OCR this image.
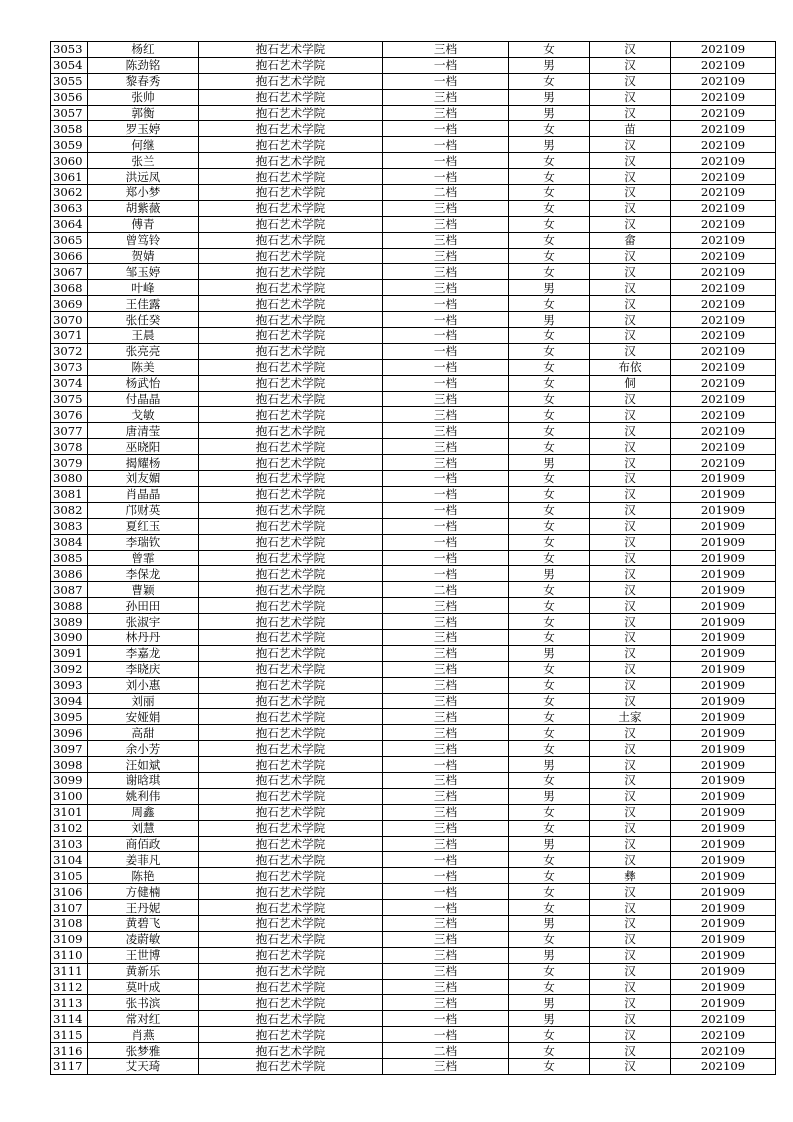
3053	杨红	抱石艺术学院	三档	女	汉	202109
3054	陈劲铭	抱石艺术学院	一档	男	汉	202109
3055	黎春秀	抱石艺术学院	一档	女	汉	202109
3056	张帅	抱石艺术学院	三档	男	汉	202109
3057	郭衡	抱石艺术学院	三档	男	汉	202109
3058	罗玉婷	抱石艺术学院	一档	女	苗	202109
3059	何继	抱石艺术学院	一档	男	汉	202109
3060	张兰	抱石艺术学院	一档	女	汉	202109
3061	洪远凤	抱石艺术学院	一档	女	汉	202109
3062	郑小梦	抱石艺术学院	二档	女	汉	202109
3063	胡紫薇	抱石艺术学院	三档	女	汉	202109
3064	傅青	抱石艺术学院	三档	女	汉	202109
3065	曾笃铃	抱石艺术学院	三档	女	畲	202109
3066	贺婧	抱石艺术学院	三档	女	汉	202109
3067	邹玉婷	抱石艺术学院	三档	女	汉	202109
3068	叶峰	抱石艺术学院	三档	男	汉	202109
3069	王佳露	抱石艺术学院	一档	女	汉	202109
3070	张任癸	抱石艺术学院	一档	男	汉	202109
3071	王晨	抱石艺术学院	一档	女	汉	202109
3072	张亮亮	抱石艺术学院	一档	女	汉	202109
3073	陈美	抱石艺术学院	一档	女	布依	202109
3074	杨武怡	抱石艺术学院	一档	女	侗	202109
3075	付晶晶	抱石艺术学院	三档	女	汉	202109
3076	戈敏	抱石艺术学院	三档	女	汉	202109
3077	唐清莹	抱石艺术学院	三档	女	汉	202109
3078	巫晓阳	抱石艺术学院	三档	女	汉	202109
3079	揭耀杨	抱石艺术学院	三档	男	汉	202109
3080	刘友媚	抱石艺术学院	一档	女	汉	201909
3081	肖晶晶	抱石艺术学院	一档	女	汉	201909
3082	邝财英	抱石艺术学院	一档	女	汉	201909
3083	夏红玉	抱石艺术学院	一档	女	汉	201909
3084	李瑞钦	抱石艺术学院	一档	女	汉	201909
3085	曾霏	抱石艺术学院	一档	女	汉	201909
3086	李保龙	抱石艺术学院	一档	男	汉	201909
3087	曹颖	抱石艺术学院	二档	女	汉	201909
3088	孙田田	抱石艺术学院	三档	女	汉	201909
3089	张淑宇	抱石艺术学院	三档	女	汉	201909
3090	林丹丹	抱石艺术学院	三档	女	汉	201909
3091	李嘉龙	抱石艺术学院	三档	男	汉	201909
3092	李晓庆	抱石艺术学院	三档	女	汉	201909
3093	刘小惠	抱石艺术学院	三档	女	汉	201909
3094	刘丽	抱石艺术学院	三档	女	汉	201909
3095	安娅娟	抱石艺术学院	三档	女	土家	201909
3096	高甜	抱石艺术学院	三档	女	汉	201909
3097	余小芳	抱石艺术学院	三档	女	汉	201909
3098	汪如斌	抱石艺术学院	一档	男	汉	201909
3099	谢晗琪	抱石艺术学院	三档	女	汉	201909
3100	姚利伟	抱石艺术学院	三档	男	汉	201909
3101	周鑫	抱石艺术学院	三档	女	汉	201909
3102	刘慧	抱石艺术学院	三档	女	汉	201909
3103	商佰政	抱石艺术学院	三档	男	汉	201909
3104	姜菲凡	抱石艺术学院	一档	女	汉	201909
3105	陈艳	抱石艺术学院	一档	女	彝	201909
3106	方健楠	抱石艺术学院	一档	女	汉	201909
3107	王丹妮	抱石艺术学院	一档	女	汉	201909
3108	黄碧飞	抱石艺术学院	三档	男	汉	201909
3109	凌蔚敏	抱石艺术学院	三档	女	汉	201909
3110	王世博	抱石艺术学院	三档	男	汉	201909
3111	黄新乐	抱石艺术学院	三档	女	汉	201909
3112	莫叶成	抱石艺术学院	三档	女	汉	201909
3113	张书滨	抱石艺术学院	三档	男	汉	201909
3114	常对红	抱石艺术学院	一档	男	汉	202109
3115	肖燕	抱石艺术学院	一档	女	汉	202109
3116	张梦雅	抱石艺术学院	二档	女	汉	202109
3117	艾天琦	抱石艺术学院	三档	女	汉	202109
